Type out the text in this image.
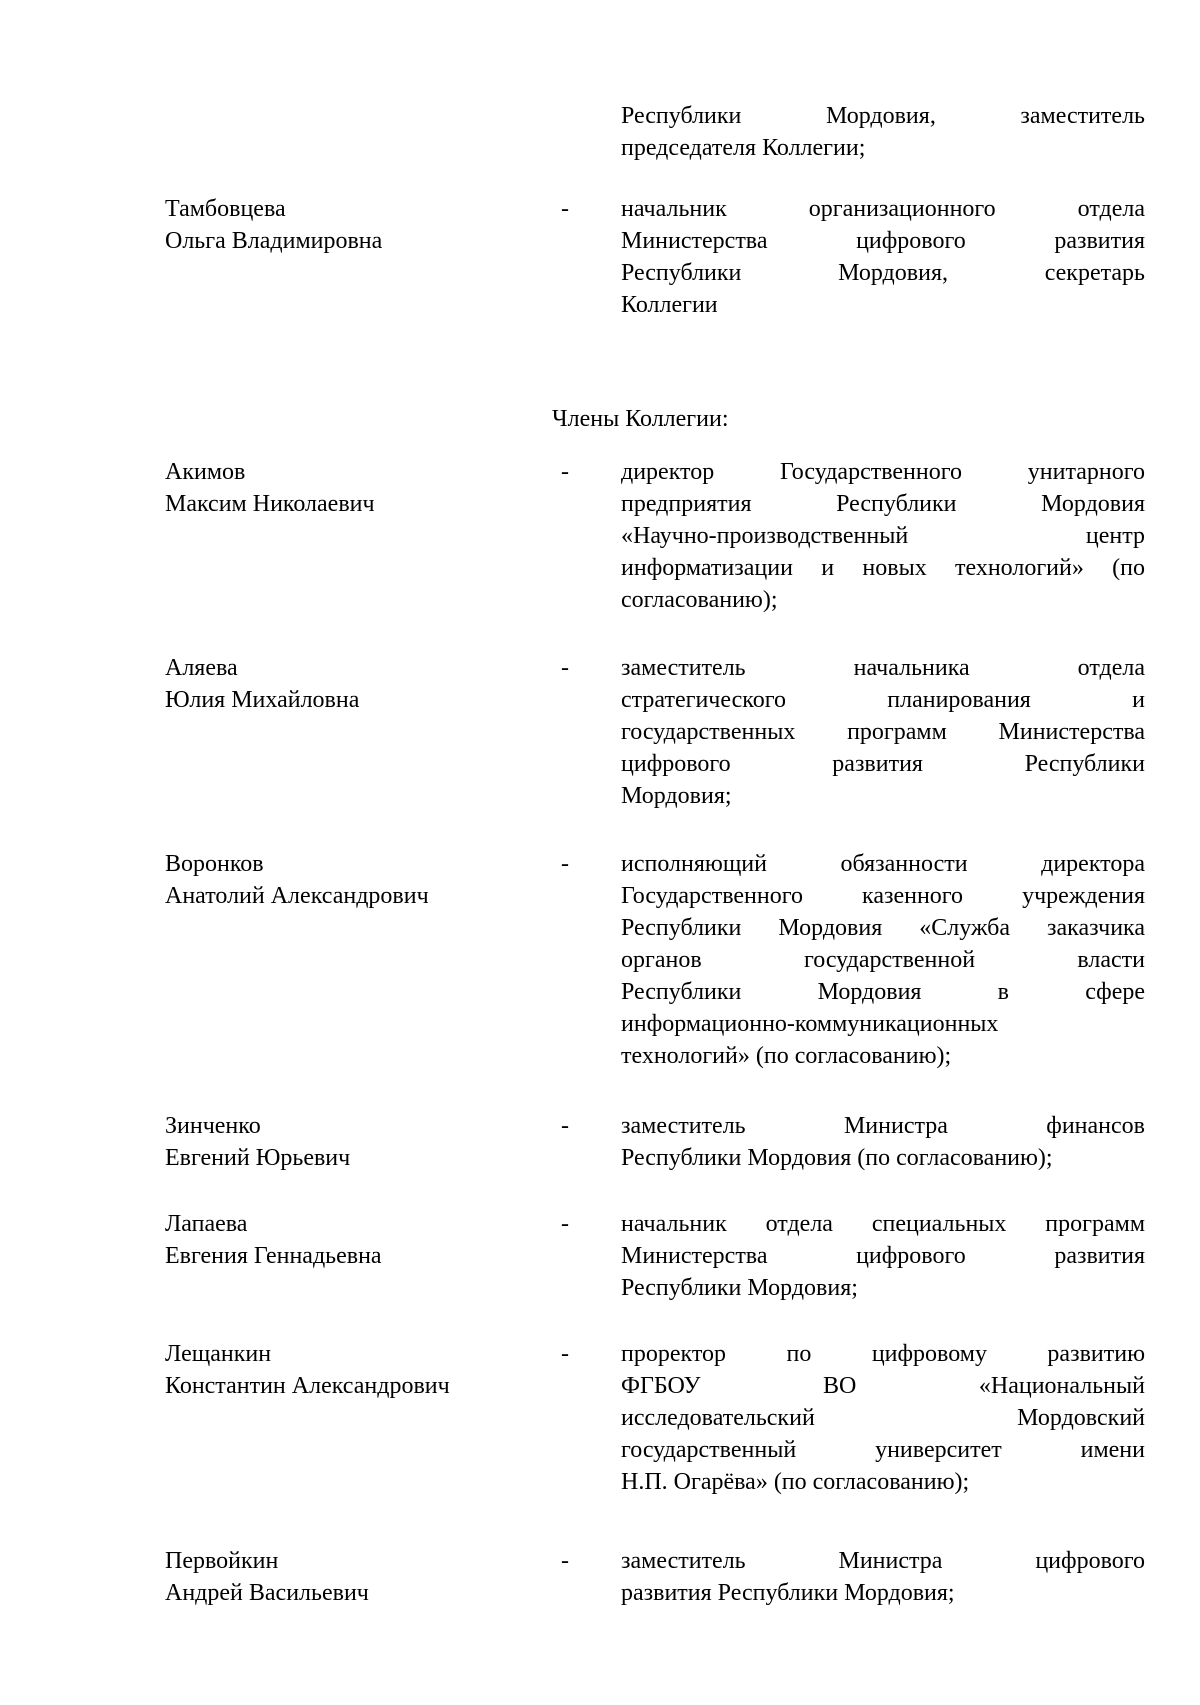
Республики Мордовия, заместитель
председателя Коллегии;
Тамбовцева
Ольга Владимировна
- начальник организационного отдела
Министерства цифрового развития
Республики Мордовия, секретарь
Коллегии
Члены Коллегии:
Акимов
Максим Николаевич
- директор Государственного унитарного
предприятия Республики Мордовия
«Научно-производственный центр
информатизации и новых технологий» (по
согласованию);
Аляева
Юлия Михайловна
- заместитель начальника отдела
стратегического планирования и
государственных программ Министерства
цифрового развития Республики
Мордовия;
Воронков
Анатолий Александрович
- исполняющий обязанности директора
Государственного казенного учреждения
Республики Мордовия «Служба заказчика
органов государственной власти
Республики Мордовия в сфере
информационно-коммуникационных
технологий» (по согласованию);
Зинченко
Евгений Юрьевич
- заместитель Министра финансов
Республики Мордовия (по согласованию);
Лапаева
Евгения Геннадьевна
- начальник отдела специальных программ
Министерства цифрового развития
Республики Мордовия;
Лещанкин
Константин Александрович
- проректор по цифровому развитию
ФГБОУ ВО «Национальный
исследовательский Мордовский
государственный университет имени
Н.П. Огарёва» (по согласованию);
Первойкин
Андрей Васильевич
- заместитель Министра цифрового
развития Республики Мордовия;
